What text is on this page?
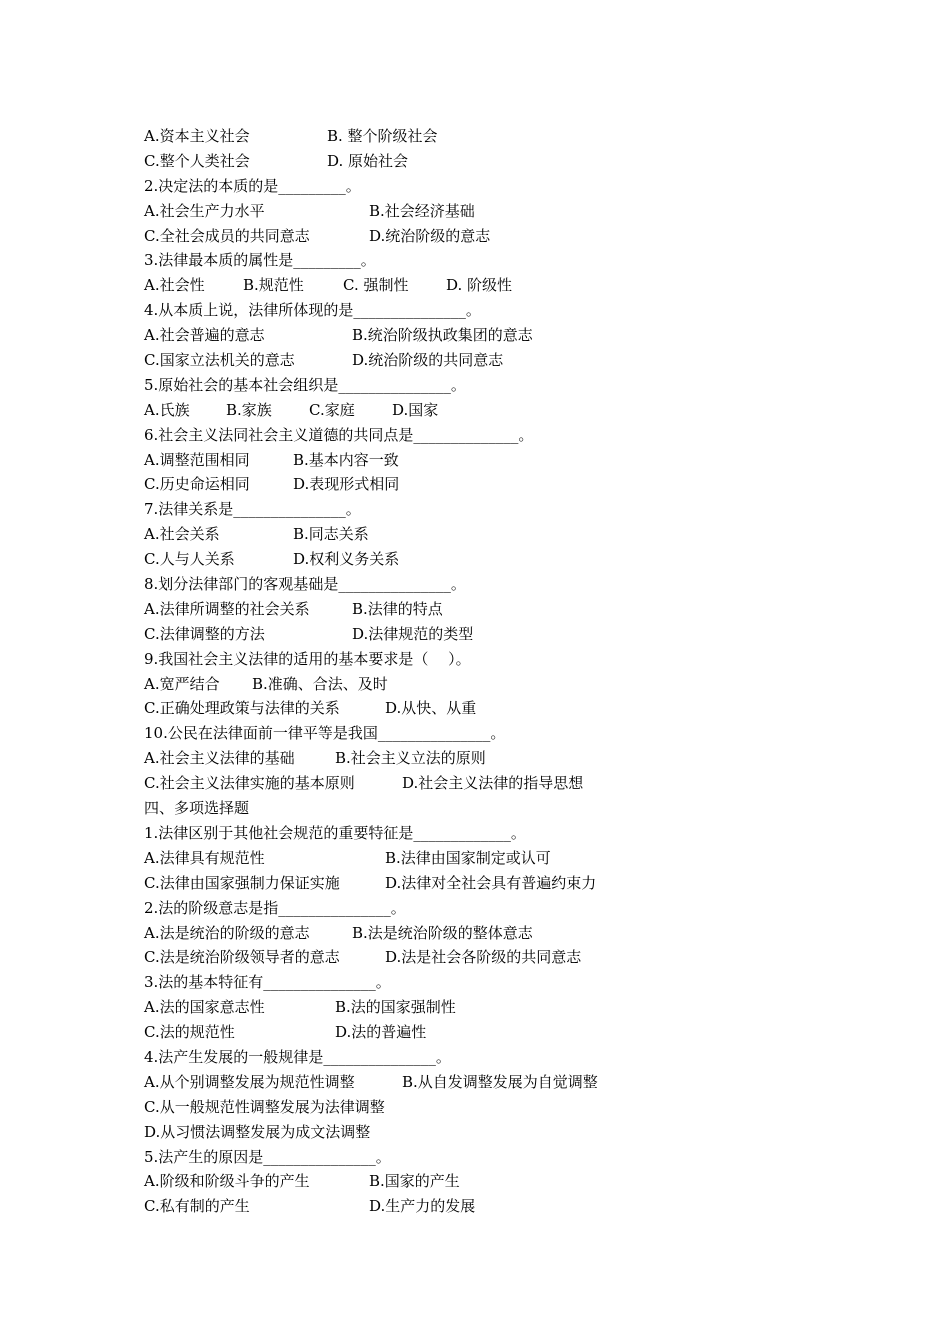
A.资本主义社会	B. 整个阶级社会
C.整个人类社会	D. 原始社会
2.决定法的本质的是_________。
A.社会生产力水平	B.社会经济基础
C.全社会成员的共同意志	D.统治阶级的意志
3.法律最本质的属性是_________。
A.社会性	B.规范性	C. 强制性	D. 阶级性
4.从本质上说，法律所体现的是_______________。
A.社会普遍的意志	B.统治阶级执政集团的意志
C.国家立法机关的意志	D.统治阶级的共同意志
5.原始社会的基本社会组织是_______________。
A.氏族 B.家族 C.家庭 D.国家
6.社会主义法同社会主义道德的共同点是______________。
A.调整范围相同	B.基本内容一致
C.历史命运相同	D.表现形式相同
7.法律关系是_______________。
A.社会关系	B.同志关系
C.人与人关系	D.权利义务关系
8.划分法律部门的客观基础是_______________。
A.法律所调整的社会关系	B.法律的特点
C.法律调整的方法	D.法律规范的类型
9.我国社会主义法律的适用的基本要求是（　 ）。
A.宽严结合 B.准确、合法、及时
C.正确处理政策与法律的关系	D.从快、从重
10.公民在法律面前一律平等是我国_______________。
A.社会主义法律的基础	B.社会主义立法的原则
C.社会主义法律实施的基本原则	D.社会主义法律的指导思想
四、多项选择题
1.法律区别于其他社会规范的重要特征是_____________。
A.法律具有规范性	B.法律由国家制定或认可
C.法律由国家强制力保证实施	D.法律对全社会具有普遍约束力
2.法的阶级意志是指_______________。
A.法是统治的阶级的意志	B.法是统治阶级的整体意志
C.法是统治阶级领导者的意志	D.法是社会各阶级的共同意志
3.法的基本特征有_______________。
A.法的国家意志性	B.法的国家强制性
C.法的规范性	D.法的普遍性
4.法产生发展的一般规律是_______________。
A.从个别调整发展为规范性调整	B.从自发调整发展为自觉调整
C.从一般规范性调整发展为法律调整
D.从习惯法调整发展为成文法调整
5.法产生的原因是_______________。
A.阶级和阶级斗争的产生	B.国家的产生
C.私有制的产生	D.生产力的发展
